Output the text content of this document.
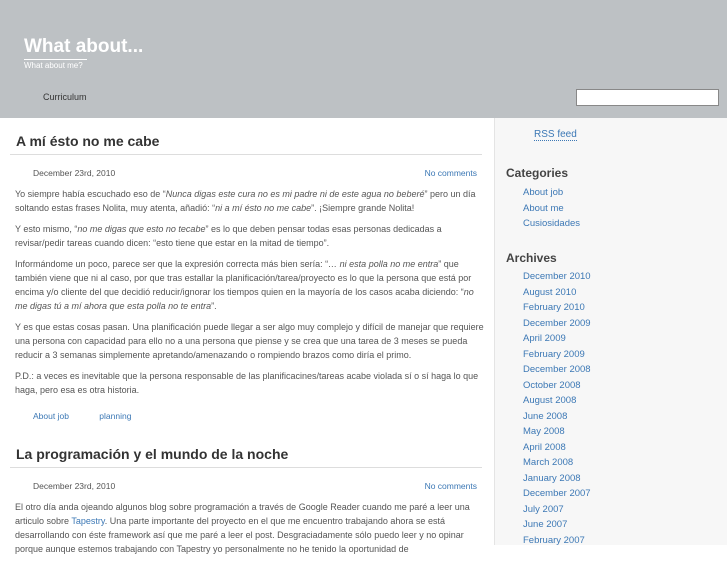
What about...
What about me?
Curriculum
A mí ésto no me cabe
December 23rd, 2010	No comments

Yo siempre había escuchado eso de “Nunca digas este cura no es mi padre ni de este agua no beberé” pero un día soltando estas frases Nolita, muy atenta, añadió: “ni a mí ésto no me cabe”. ¡Siempre grande Nolita!

Y esto mismo, “no me digas que esto no tecabe” es lo que deben pensar todas esas personas dedicadas a revisar/pedir tareas cuando dicen: “esto tiene que estar en la mitad de tiempo”.

Informándome un poco, parece ser que la expresión correcta más bien sería: “… ni esta polla no me entra” que también viene que ni al caso, por que tras estallar la planificación/tarea/proyecto es lo que la persona que está por encima y/o cliente del que decidió reducir/ignorar los tiempos quien en la mayoría de los casos acaba diciendo: “no me digas tú a mí ahora que esta polla no te entra”.

Y es que estas cosas pasan. Una planificación puede llegar a ser algo muy complejo y difícil de manejar que requiere una persona con capacidad para ello no a una persona que piense y se crea que una tarea de 3 meses se pueda reducir a 3 semanas simplemente apretando/amenazando o rompiendo brazos como diría el primo.

P.D.: a veces es inevitable que la persona responsable de las planificacines/tareas acabe violada sí o sí haga lo que haga, pero esa es otra historia.

About job	planning
La programación y el mundo de la noche
December 23rd, 2010	No comments

El otro día anda ojeando algunos blog sobre programación a través de Google Reader cuando me paré a leer una articulo sobre Tapestry. Una parte importante del proyecto en el que me encuentro trabajando ahora se está desarrollando con éste framework así que me paré a leer el post. Desgraciadamente sólo puedo leer y no opinar porque aunque estemos trabajando con Tapestry yo personalmente no he tenido la oportunidad de

RSS feed
Categories
About job
About me
Cusiosidades
Archives
December 2010
August 2010
February 2010
December 2009
April 2009
February 2009
December 2008
October 2008
August 2008
June 2008
May 2008
April 2008
March 2008
January 2008
December 2007
July 2007
June 2007
February 2007
